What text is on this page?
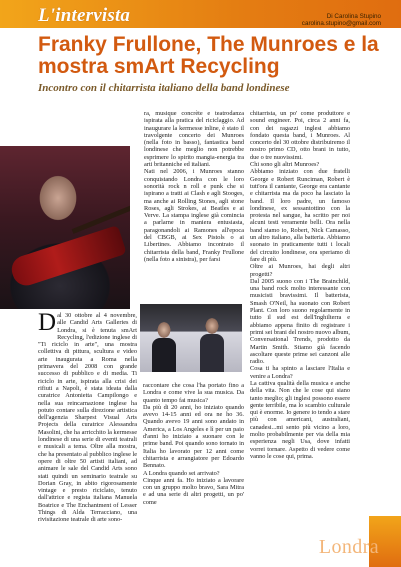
L'intervista	Di Carolina Stupino
carolina.stupino@gmail.com
Franky Frullone, The Munroes e la mostra smArt Recycling
Incontro con il chitarrista italiano della band londinese
Dal 30 ottobre al 4 novembre, alle Candid Arts Galleries di Londra, si è tenuta smArt Recycling, l'edizione inglese di "Ti riciclo in arte", una mostra collettiva di pittura, scultura e video arte inaugurata a Roma nella primavera del 2008 con grande successo di pubblico e di media. Ti riciclo in arte, ispirata alla crisi dei rifiuti a Napoli, è stata ideata dalla curatrice Antonietta Campilongo e nella sua reincarnazione inglese ha potuto contare sulla direzione artistica dell'agenzia Sharpest Visual Arts Projects della curatrice Alessandra Masolini, che ha arricchito la kermesse londinese di una serie di eventi teatrali e musicali a tema. Oltre alla mostra, che ha presentato al pubblico inglese le opere di oltre 50 artisti italiani, ad animare le sale del Candid Arts sono stati quindi un seminario teatrale su Dorian Gray, in abito rigorosamente vintage e presto riciclato, tenuto dall'attrice e regista italiana Manuela Boatrice e The Enchantment of Lesser Things di Alda Terracciano, una rivisitazione teatrale di arte sono-
ra, musique concrète e teatrodanza ispirata alla pratica del riciclaggio. Ad inaugurare la kermesse inline, è stato il travolgente concerto dei Munroes (nella foto in basso), fantastica band londinese che meglio non potrebbe esprimere lo spirito mangia-energia tra arti britanniche ed italiani.
Nati nel 2006, i Munroes stanno conquistando Londra con le loro sonorità rock n roll e punk che si ispirano a tratti ai Clash e agli Stooges, ma anche ai Rolling Stones, agli stone Roses, agli Strokes, ai Beatles e ai Verve. La stampa inglese già comincia a parlarne in maniera entusiasta, paragonandoli ai Ramones all'epoca del CBGB, ai Sex Pistols o ai Libertines. Abbiamo incontrato il chitarrista della band, Franky Frullone (nella foto a sinistra), per farsi
raccontare che cosa l'ha portato fino a Londra e come vive la sua musica. Da quanto tempo fai musica?
Da più di 20 anni, ho iniziato quando avevo 14-15 anni ed ora ne ho 36. Quando avevo 19 anni sono andato in America, a Los Angeles e lì per un paio d'anni ho iniziato a suonare con le prime band. Poi quando sono tornato in Italia ho lavorato per 12 anni come chitarrista e arrangiatore per Edoardo Bennato.
A Londra quando sei arrivato?
Cinque anni fa. Ho iniziato a lavorare con un gruppo molto bravo, Sara Mitra e ad una serie di altri progetti, un po' come
chitarrista, un po' come produttore e sound engineer. Poi, circa 2 anni fa, con dei ragazzi inglesi abbiamo fondato questa band, i Munroes. Al concerto del 30 ottobre distribuiremo il nostro primo CD, otto brani in tutto, due o tre nuovissimi.
Chi sono gli altri Munroes?
Abbiamo iniziato con due fratelli George e Robert Runciman, Robert è tutt'ora il cantante, George era cantante e chitarrista ma da poco ha lasciato la band. Il loro padre, un famoso londinese, ex sessantottino con la protesta nel sangue, ha scritto per noi alcuni testi veramente belli. Ora nella band siamo io, Robert, Nick Camasso, un altro italiano, alla batteria. Abbiamo suonato in praticamente tutti i locali del circuito londinese, ora speriamo di fare di più.
Oltre ai Munroes, hai degli altri progetti?
Dal 2005 suono con i The Brainchild, una band rock molto interessante con musicisti bravissimi. Il batterista, Smash O'Neil, ha suonato con Robert Plant. Con loro suono regolarmente in tutto il sud est dell'Inghilterra e abbiamo appena finito di registrare i primi sei brani del nostro nuovo album, Conversational Trends, prodotto da Martin Smith. Stiamo già facendo ascoltare queste prime sei canzoni alle radio.
Cosa ti ha spinto a lasciare l'Italia e venire a Londra?
La cattiva qualità della musica e anche della vita. Non che le cose qui siano tanto meglio; gli inglesi possono essere gente terribile, ma lo scambio culturale qui è enorme. Io genere io tendo a stare più con americani, australiani, canadesi...mi sento più vicino a loro, molto probabilmente per via della mia esperienza negli Usa, dove infatti vorrei tornare. Aspetto di vedere come vanno le cose qui, prima.
Londra
